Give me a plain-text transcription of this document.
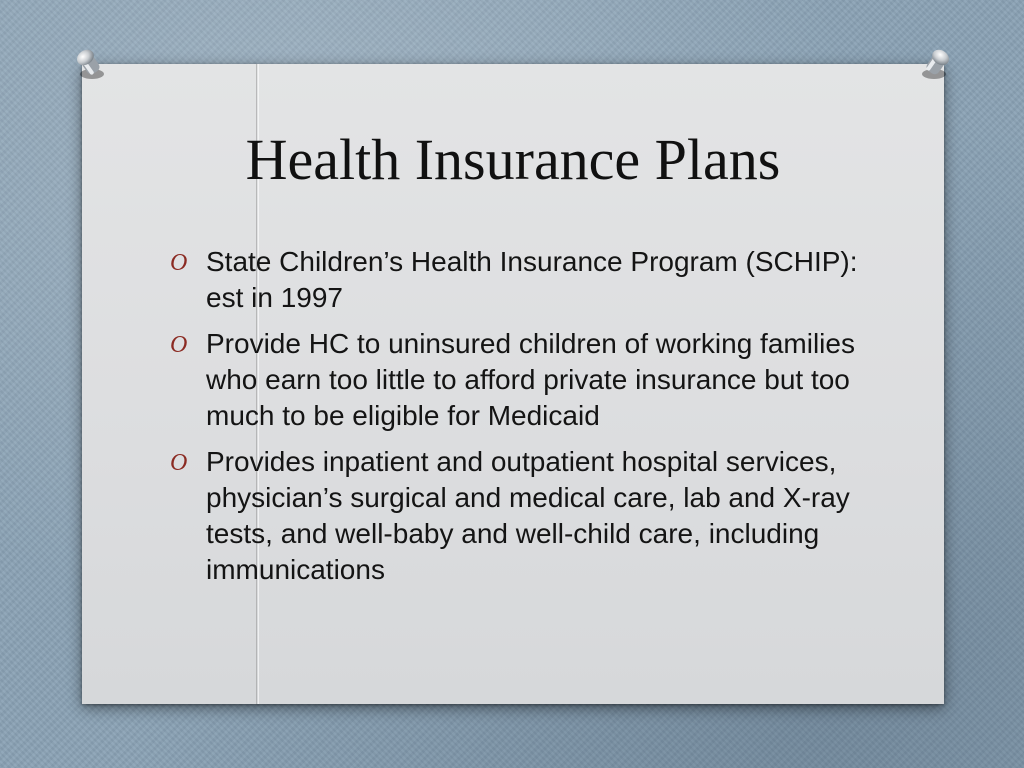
Health Insurance Plans
O State Children’s Health Insurance Program (SCHIP): est in 1997
O Provide HC to uninsured children of working families who earn too little to afford private insurance but too much to be eligible for Medicaid
O Provides inpatient and outpatient hospital services, physician’s surgical and medical care, lab and X-ray tests, and well-baby and well-child care, including immunications
